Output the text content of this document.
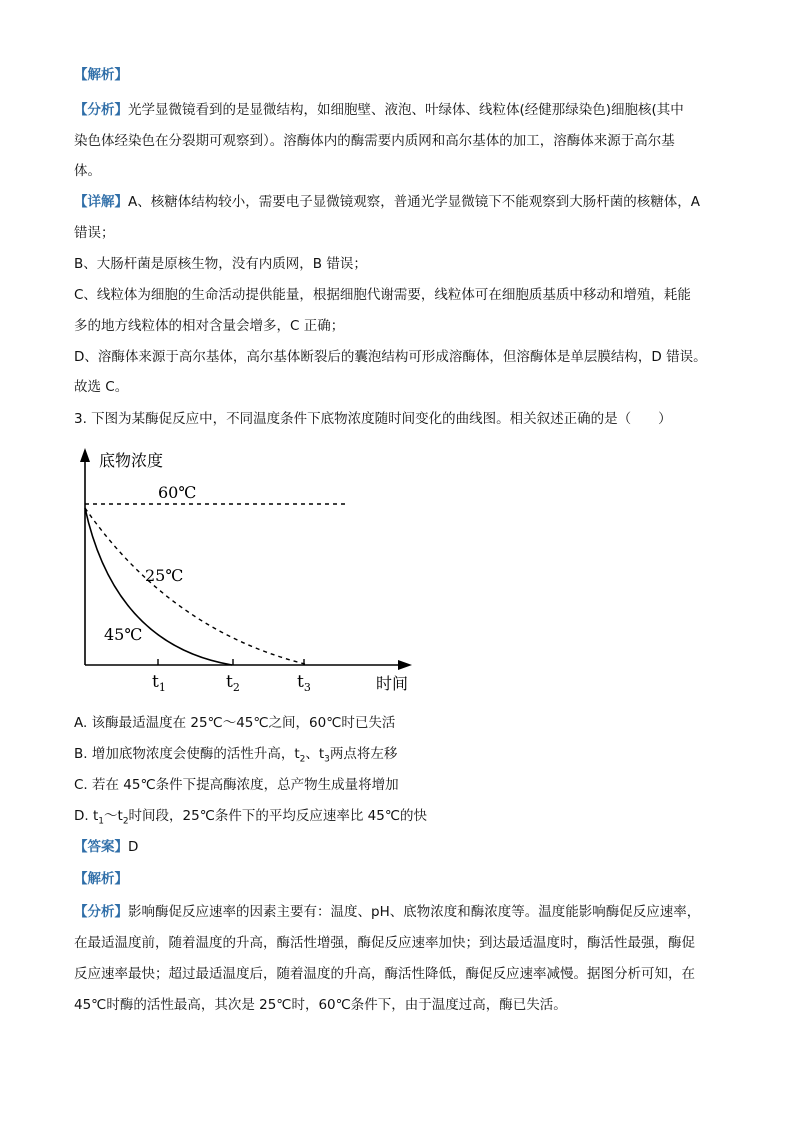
【解析】
【分析】光学显微镜看到的是显微结构，如细胞壁、液泡、叶绿体、线粒体(经健那绿染色)细胞核(其中
染色体经染色在分裂期可观察到）。溶酶体内的酶需要内质网和高尔基体的加工，溶酶体来源于高尔基
体。
【详解】A、核糖体结构较小，需要电子显微镜观察，普通光学显微镜下不能观察到大肠杆菌的核糖体，A
错误；
B、大肠杆菌是原核生物，没有内质网，B 错误；
C、线粒体为细胞的生命活动提供能量，根据细胞代谢需要，线粒体可在细胞质基质中移动和增殖，耗能
多的地方线粒体的相对含量会增多，C 正确；
D、溶酶体来源于高尔基体，高尔基体断裂后的囊泡结构可形成溶酶体，但溶酶体是单层膜结构，D 错误。
故选 C。
3. 下图为某酶促反应中，不同温度条件下底物浓度随时间变化的曲线图。相关叙述正确的是（　　）
底物浓度
60℃
25℃
45℃
$t_1$	$t_2$	$t_3$	时间
A. 该酶最适温度在 25℃～45℃之间，60℃时已失活
B. 增加底物浓度会使酶的活性升高，$t_2$、$t_3$两点将左移
C. 若在 45℃条件下提高酶浓度，总产物生成量将增加
D. $t_1\sim t_2$时间段，25℃条件下的平均反应速率比 45℃的快
【答案】D
【解析】
【分析】影响酶促反应速率的因素主要有：温度、pH、底物浓度和酶浓度等。温度能影响酶促反应速率，
在最适温度前，随着温度的升高，酶活性增强，酶促反应速率加快；到达最适温度时，酶活性最强，酶促
反应速率最快；超过最适温度后，随着温度的升高，酶活性降低，酶促反应速率减慢。据图分析可知，在
45℃时酶的活性最高，其次是 25℃时，60℃条件下，由于温度过高，酶已失活。
